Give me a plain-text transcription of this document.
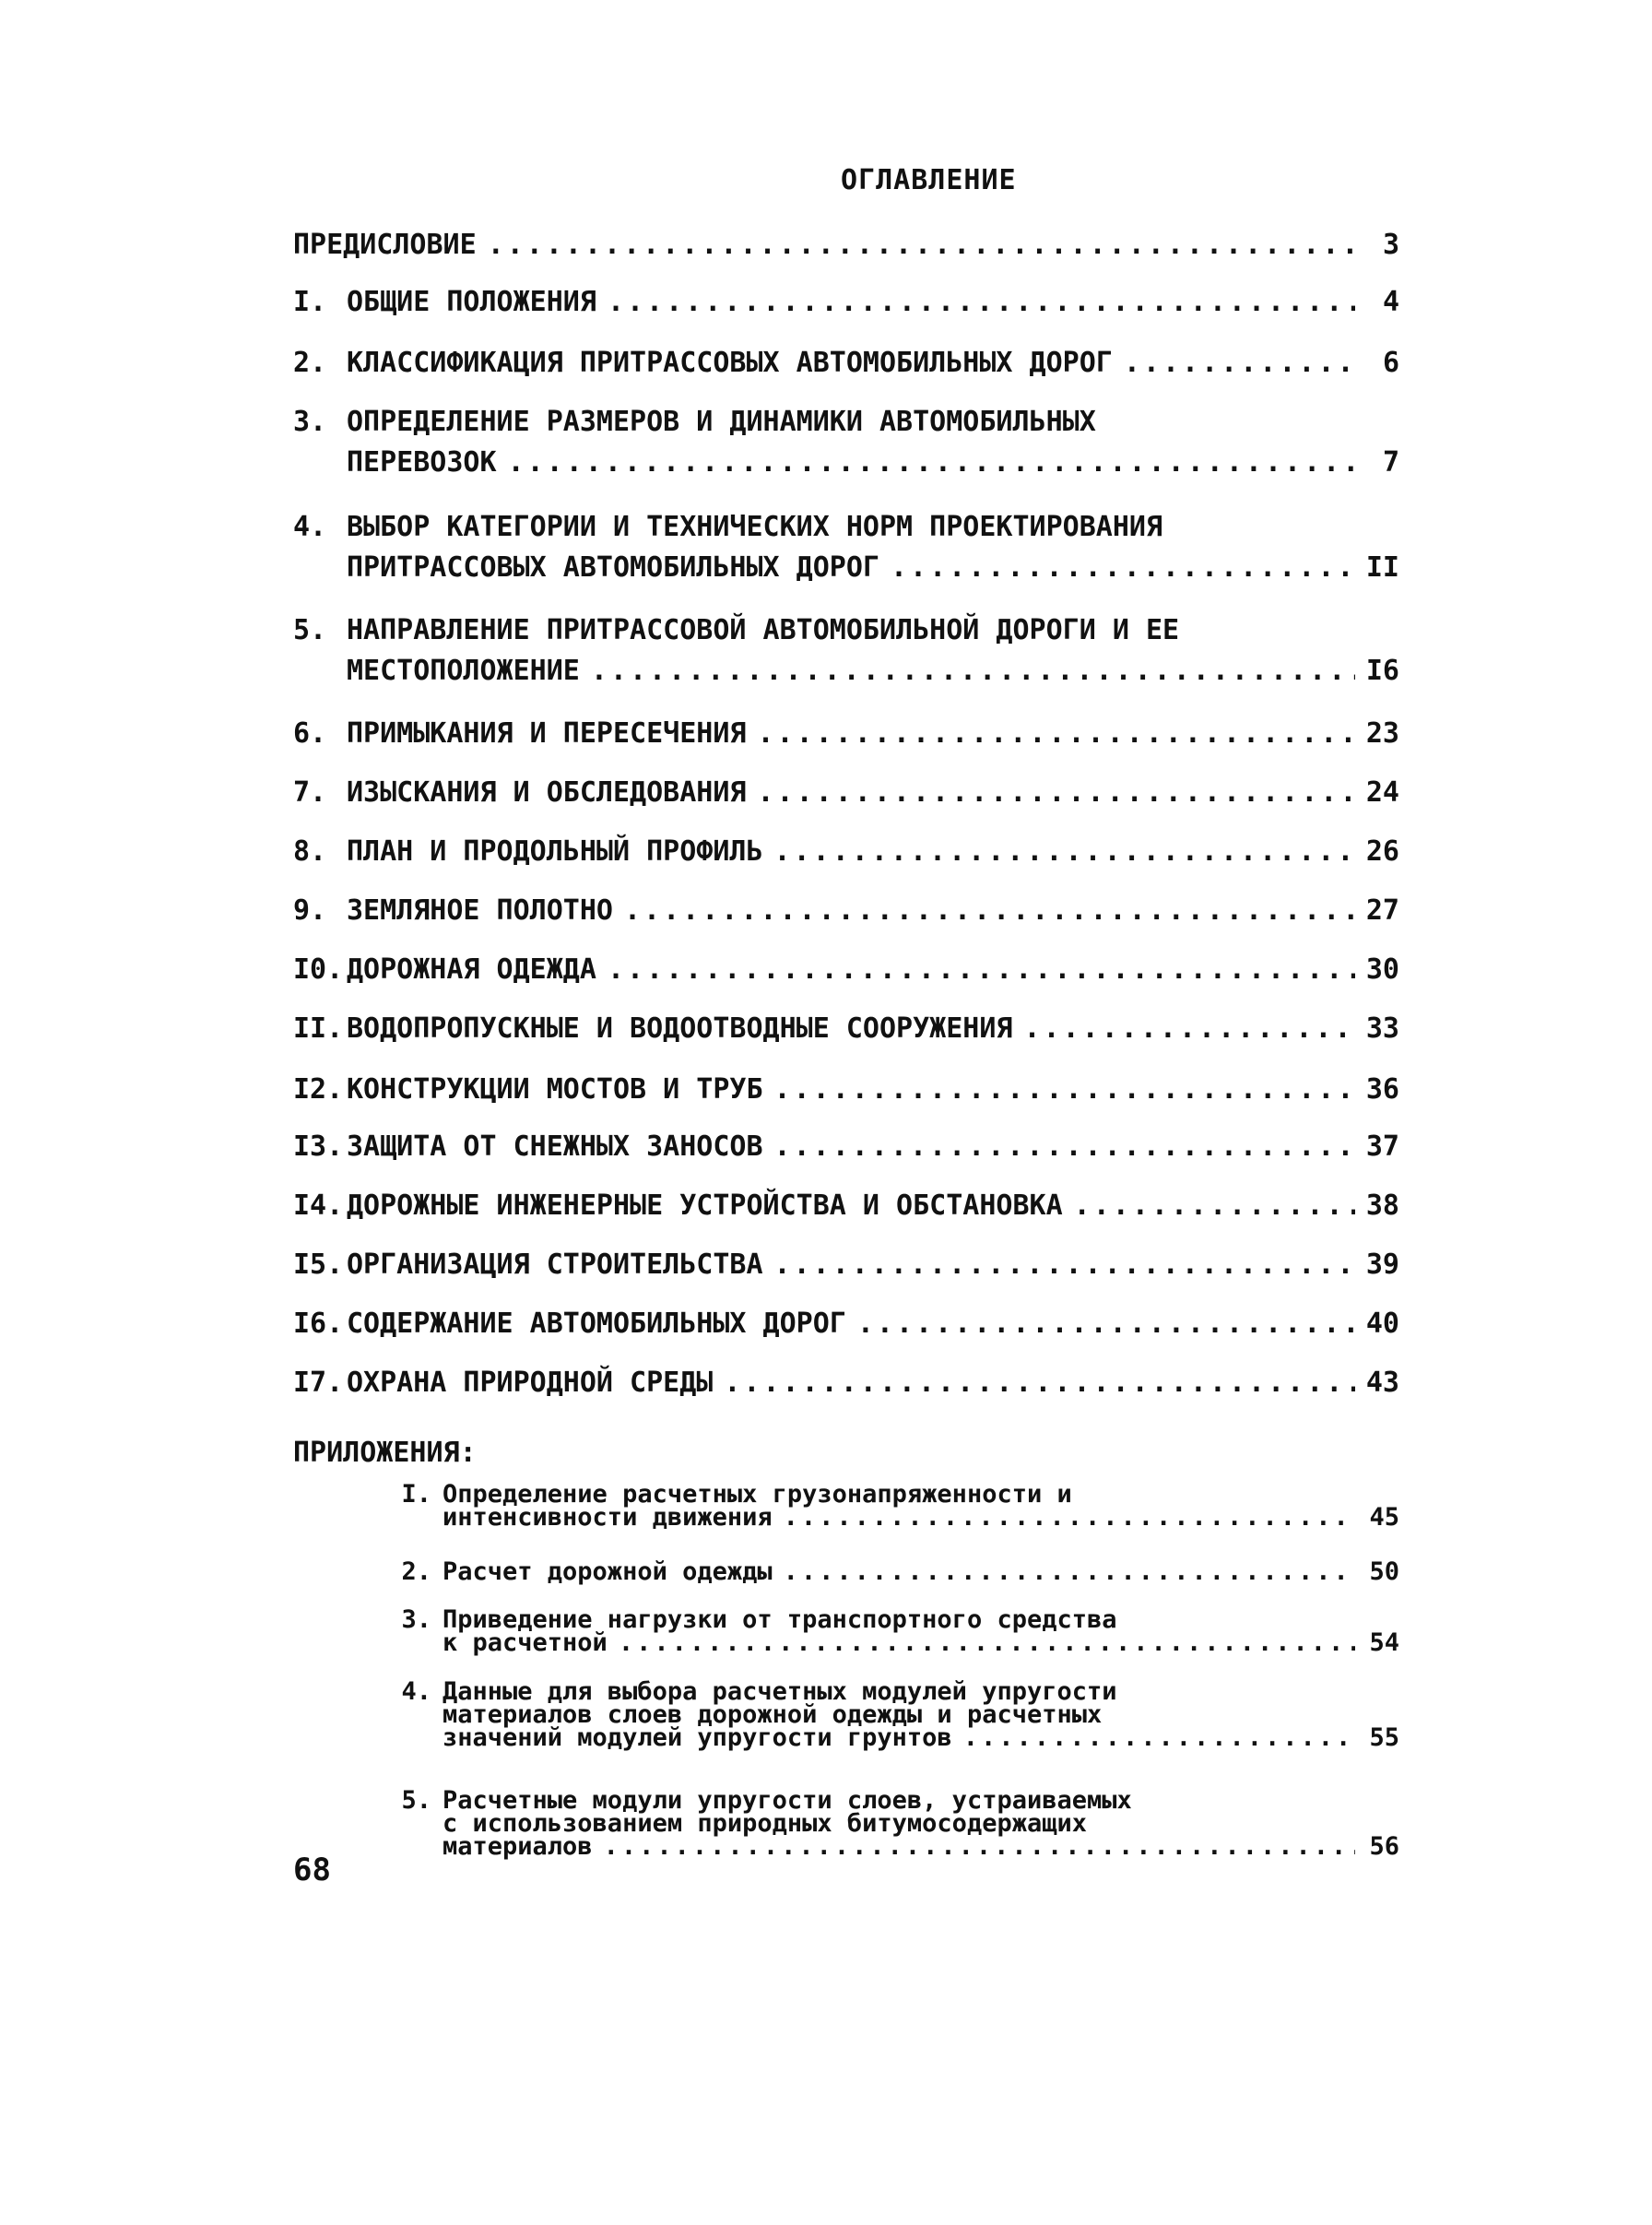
ОГЛАВЛЕНИЕ
ПРЕДИСЛОВИЕ .....	3
I. ОБЩИЕ ПОЛОЖЕНИЯ .....	4
2. КЛАССИФИКАЦИЯ ПРИТРАССОВЫХ АВТОМОБИЛЬНЫХ ДОРОГ .....	6
3. ОПРЕДЕЛЕНИЕ РАЗМЕРОВ И ДИНАМИКИ АВТОМОБИЛЬНЫХ
ПЕРЕВОЗОК .....	7
4. ВЫБОР КАТЕГОРИИ И ТЕХНИЧЕСКИХ НОРМ ПРОЕКТИРОВАНИЯ
ПРИТРАССОВЫХ АВТОМОБИЛЬНЫХ ДОРОГ .....	II
5. НАПРАВЛЕНИЕ ПРИТРАССОВОЙ АВТОМОБИЛЬНОЙ ДОРОГИ И ЕЕ
МЕСТОПОЛОЖЕНИЕ .....	I6
6. ПРИМЫКАНИЯ И ПЕРЕСЕЧЕНИЯ .....	23
7. ИЗЫСКАНИЯ И ОБСЛЕДОВАНИЯ .....	24
8. ПЛАН И ПРОДОЛЬНЫЙ ПРОФИЛЬ .....	26
9. ЗЕМЛЯНОЕ ПОЛОТНО .....	27
I0. ДОРОЖНАЯ ОДЕЖДА .....	30
II. ВОДОПРОПУСКНЫЕ И ВОДООТВОДНЫЕ СООРУЖЕНИЯ .....	33
I2. КОНСТРУКЦИИ МОСТОВ И ТРУБ .....	36
I3. ЗАЩИТА ОТ СНЕЖНЫХ ЗАНОСОВ .....	37
I4. ДОРОЖНЫЕ ИНЖЕНЕРНЫЕ УСТРОЙСТВА И ОБСТАНОВКА .....	38
I5. ОРГАНИЗАЦИЯ СТРОИТЕЛЬСТВА .....	39
I6. СОДЕРЖАНИЕ АВТОМОБИЛЬНЫХ ДОРОГ .....	40
I7. ОХРАНА ПРИРОДНОЙ СРЕДЫ .....	43
ПРИЛОЖЕНИЯ:
I. Определение расчетных грузонапряженности и
интенсивности движения .....	45
2. Расчет дорожной одежды .....	50
3. Приведение нагрузки от транспортного средства
к расчетной .....	54
4. Данные для выбора расчетных модулей упругости
материалов слоев дорожной одежды и расчетных
значений модулей упругости грунтов .....	55
5. Расчетные модули упругости слоев, устраиваемых
с использованием природных битумосодержащих
материалов .....	56
68
